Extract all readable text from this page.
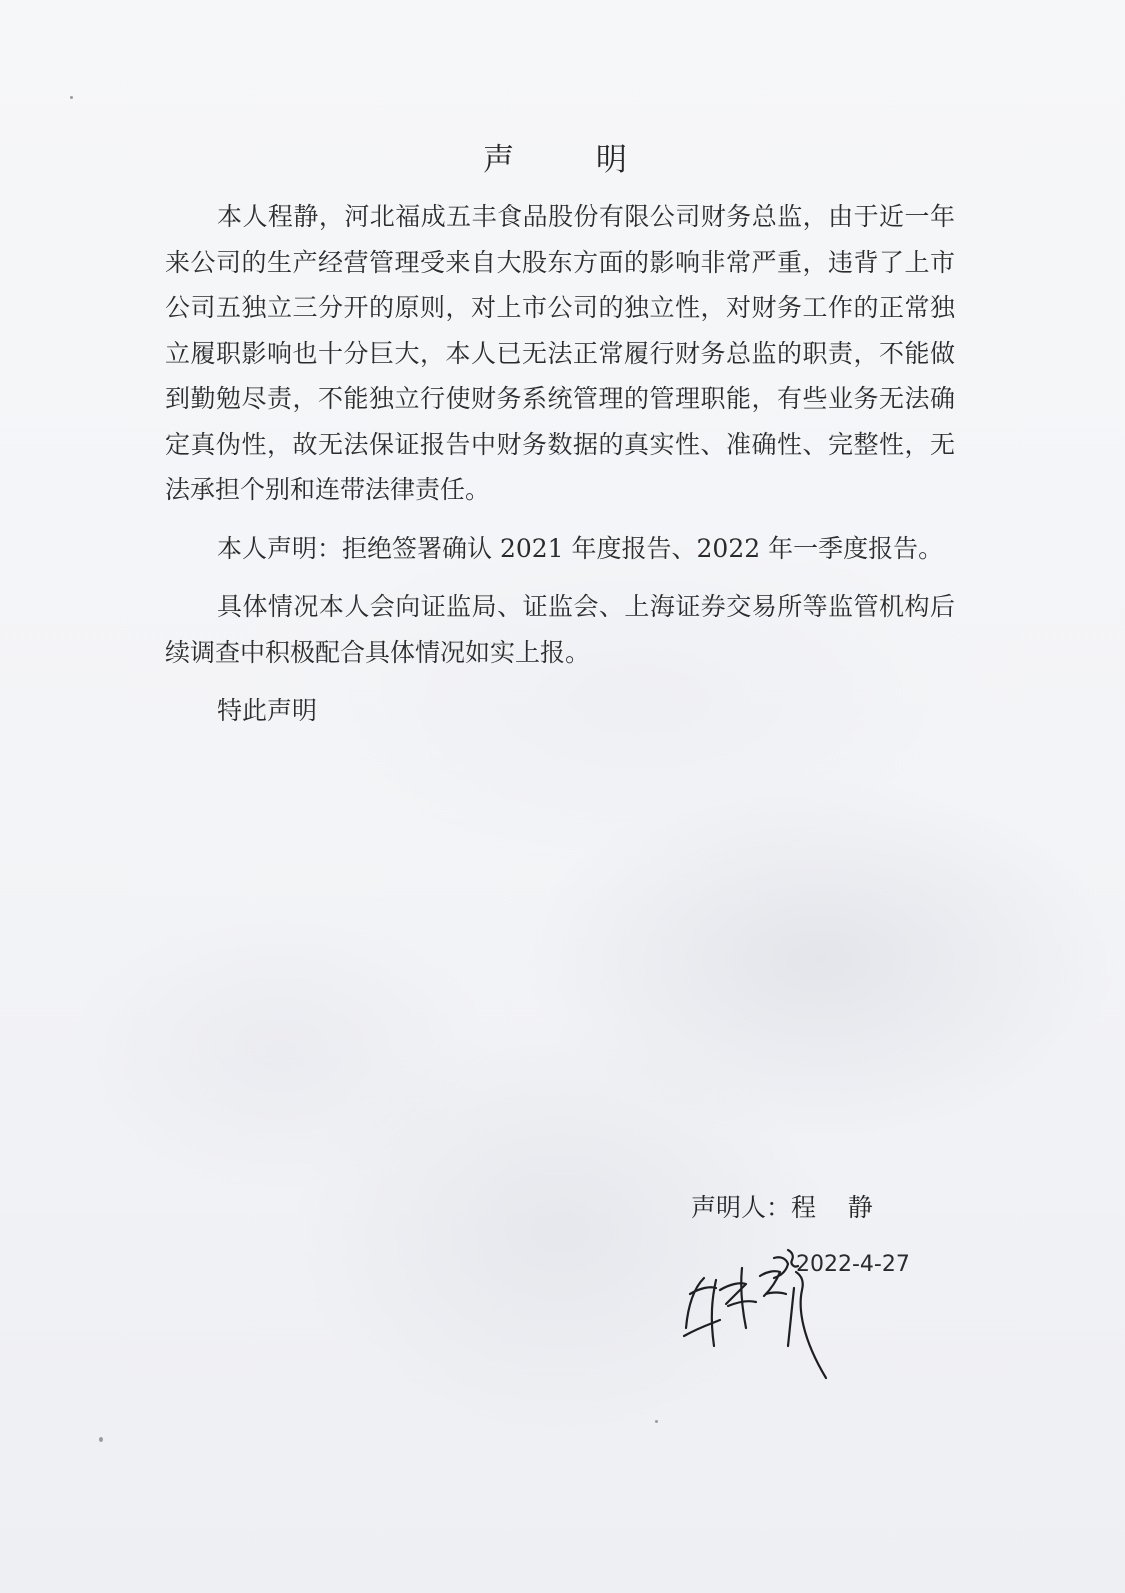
声 明

本人程静，河北福成五丰食品股份有限公司财务总监，由于近一年来公司的生产经营管理受来自大股东方面的影响非常严重，违背了上市公司五独立三分开的原则，对上市公司的独立性，对财务工作的正常独立履职影响也十分巨大，本人已无法正常履行财务总监的职责，不能做到勤勉尽责，不能独立行使财务系统管理的管理职能，有些业务无法确定真伪性，故无法保证报告中财务数据的真实性、准确性、完整性，无法承担个别和连带法律责任。

本人声明：拒绝签署确认 2021 年度报告、2022 年一季度报告。

具体情况本人会向证监局、证监会、上海证券交易所等监管机构后续调查中积极配合具体情况如实上报。

特此声明

声明人：程    静
2022-4-27
